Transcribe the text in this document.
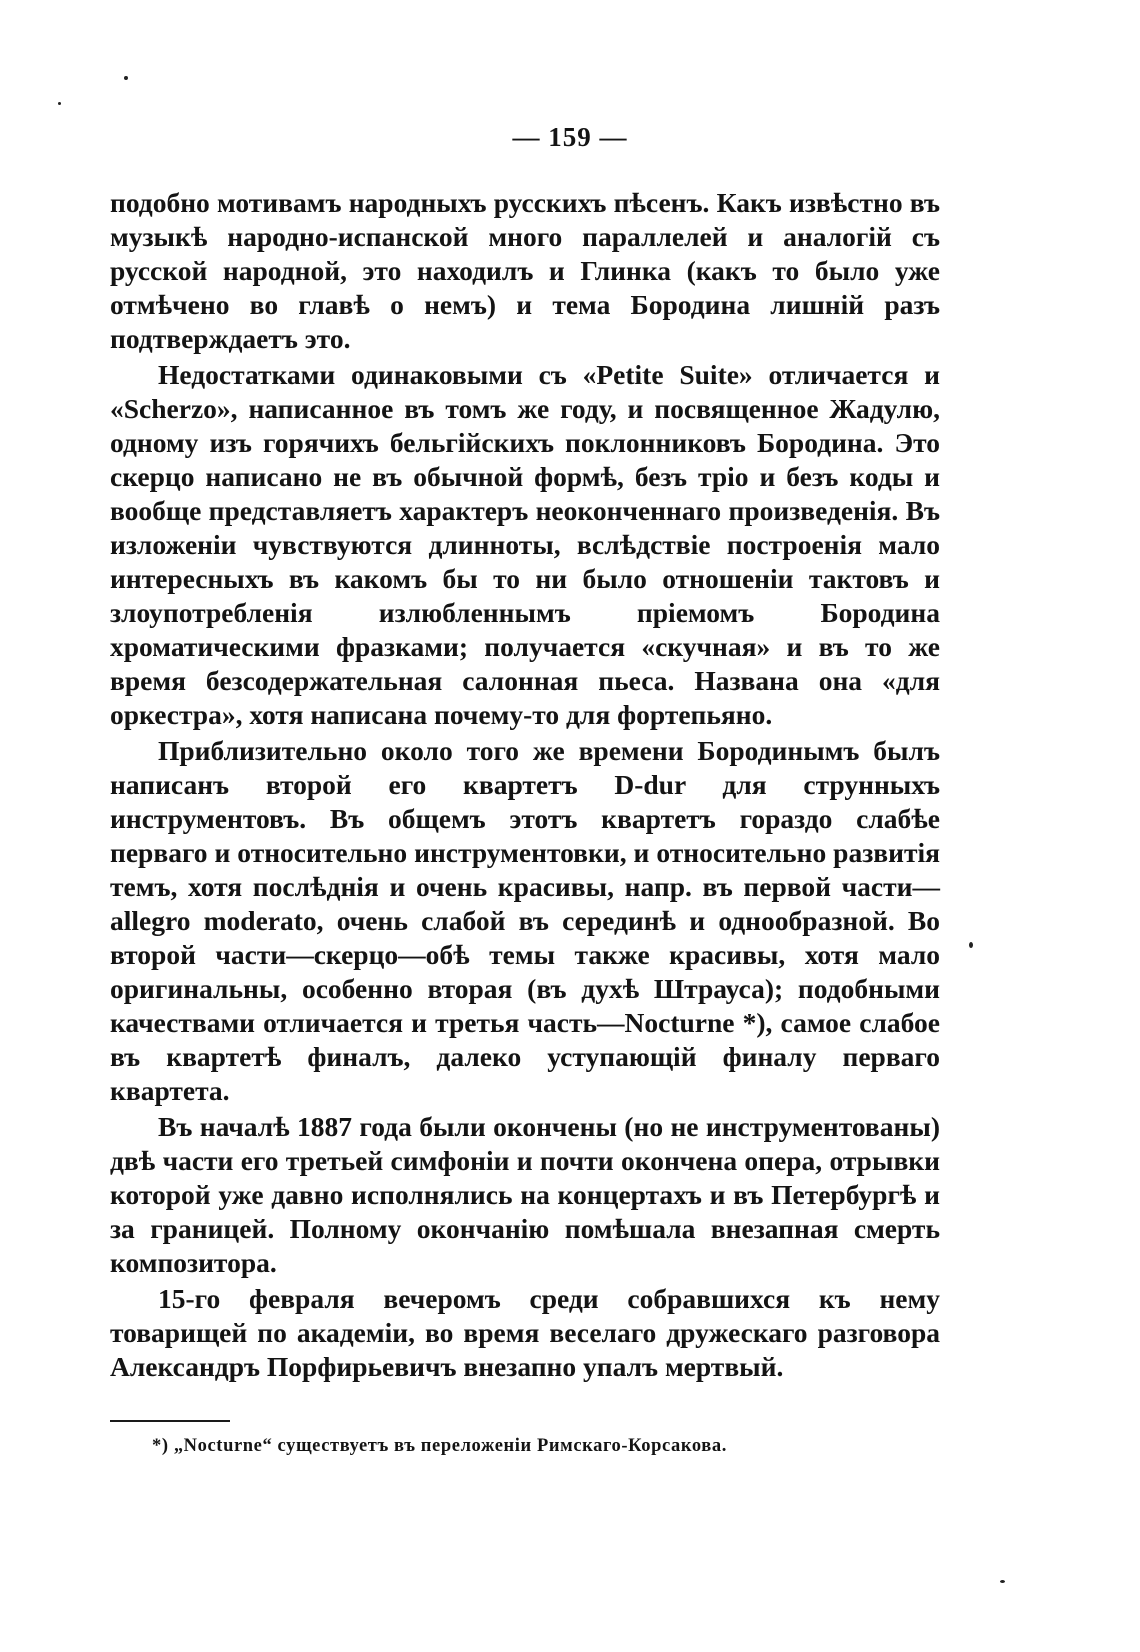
— 159 —

подобно мотивамъ народныхъ русскихъ пѣсенъ. Какъ извѣстно въ музыкѣ народно-испанской много параллелей и аналогій съ русской народной, это находилъ и Глинка (какъ то было уже отмѣчено во главѣ о немъ) и тема Бородина лишній разъ подтверждаетъ это.

Недостатками одинаковыми съ «Petite Suite» отличается и «Scherzo», написанное въ томъ же году, и посвященное Жадулю, одному изъ горячихъ бельгійскихъ поклонниковъ Бородина. Это скерцо написано не въ обычной формѣ, безъ тріо и безъ коды и вообще представляетъ характеръ неоконченнаго произведенія. Въ изложеніи чувствуются длинноты, вслѣдствіе построенія мало интересныхъ въ какомъ бы то ни было отношеніи тактовъ и злоупотребленія излюбленнымъ пріемомъ Бородина хроматическими фразками; получается «скучная» и въ то же время безсодержательная салонная пьеса. Названа она «для оркестра», хотя написана почему-то для фортепьяно.

Приблизительно около того же времени Бородинымъ былъ написанъ второй его квартетъ D-dur для струнныхъ инструментовъ. Въ общемъ этотъ квартетъ гораздо слабѣе перваго и относительно инструментовки, и относительно развитія темъ, хотя послѣднія и очень красивы, напр. въ первой части—allegro moderato, очень слабой въ серединѣ и однообразной. Во второй части—скерцо—обѣ темы также красивы, хотя мало оригинальны, особенно вторая (въ духѣ Штрауса); подобными качествами отличается и третья часть—Nocturne *), самое слабое въ квартетѣ финалъ, далеко уступающій финалу перваго квартета.

Въ началѣ 1887 года были окончены (но не инструментованы) двѣ части его третьей симфоніи и почти окончена опера, отрывки которой уже давно исполнялись на концертахъ и въ Петербургѣ и за границей. Полному окончанію помѣшала внезапная смерть композитора.

15-го февраля вечеромъ среди собравшихся къ нему товарищей по академіи, во время веселаго дружескаго разговора Александръ Порфирьевичъ внезапно упалъ мертвый.

*) „Nocturne“ существуетъ въ переложеніи Римскаго-Корсакова.
